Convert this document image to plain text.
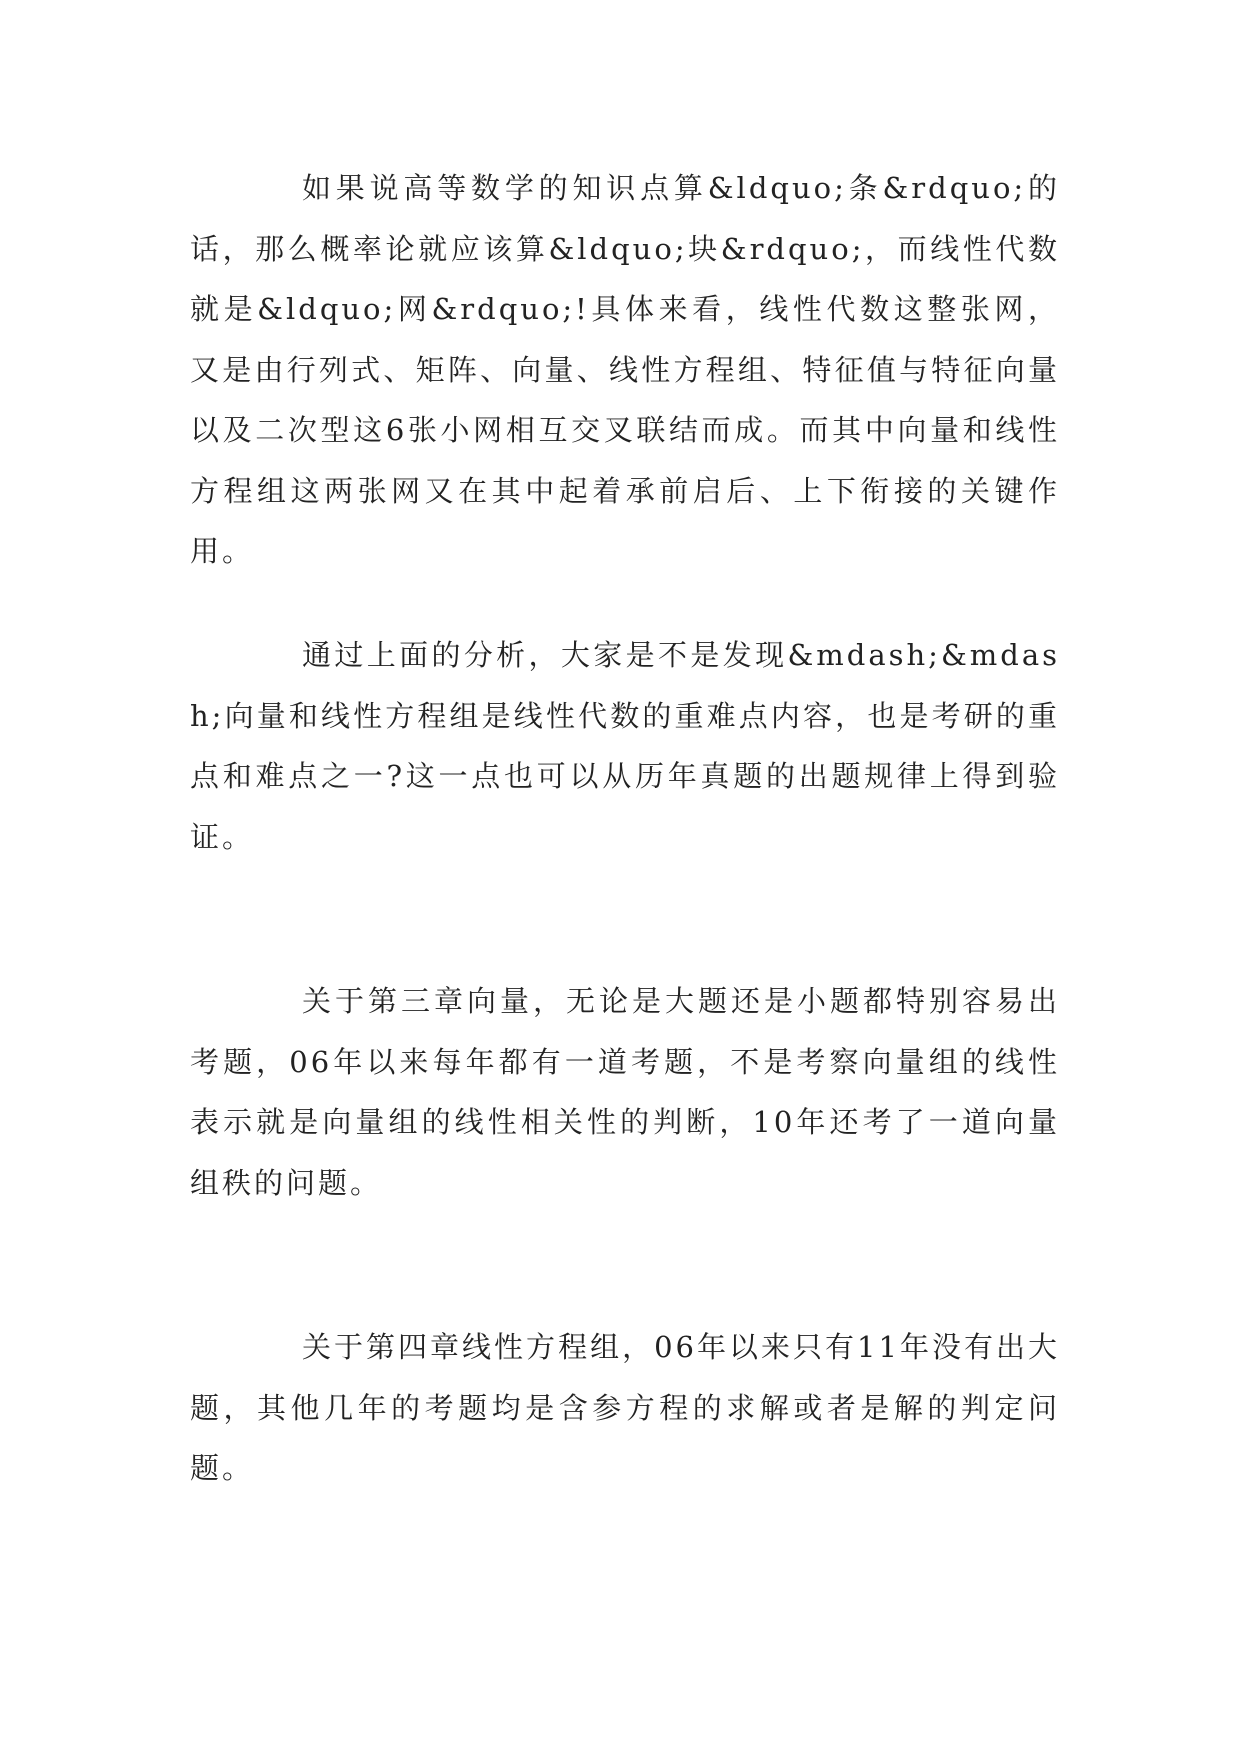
如果说高等数学的知识点算&ldquo;条&rdquo;的话，那么概率论就应该算&ldquo;块&rdquo;，而线性代数就是&ldquo;网&rdquo;!具体来看，线性代数这整张网，又是由行列式、矩阵、向量、线性方程组、特征值与特征向量以及二次型这6张小网相互交叉联结而成。而其中向量和线性方程组这两张网又在其中起着承前启后、上下衔接的关键作用。

通过上面的分析，大家是不是发现&mdash;&mdash;向量和线性方程组是线性代数的重难点内容，也是考研的重点和难点之一?这一点也可以从历年真题的出题规律上得到验证。

关于第三章向量，无论是大题还是小题都特别容易出考题，06年以来每年都有一道考题，不是考察向量组的线性表示就是向量组的线性相关性的判断，10年还考了一道向量组秩的问题。

关于第四章线性方程组，06年以来只有11年没有出大题，其他几年的考题均是含参方程的求解或者是解的判定问题。
